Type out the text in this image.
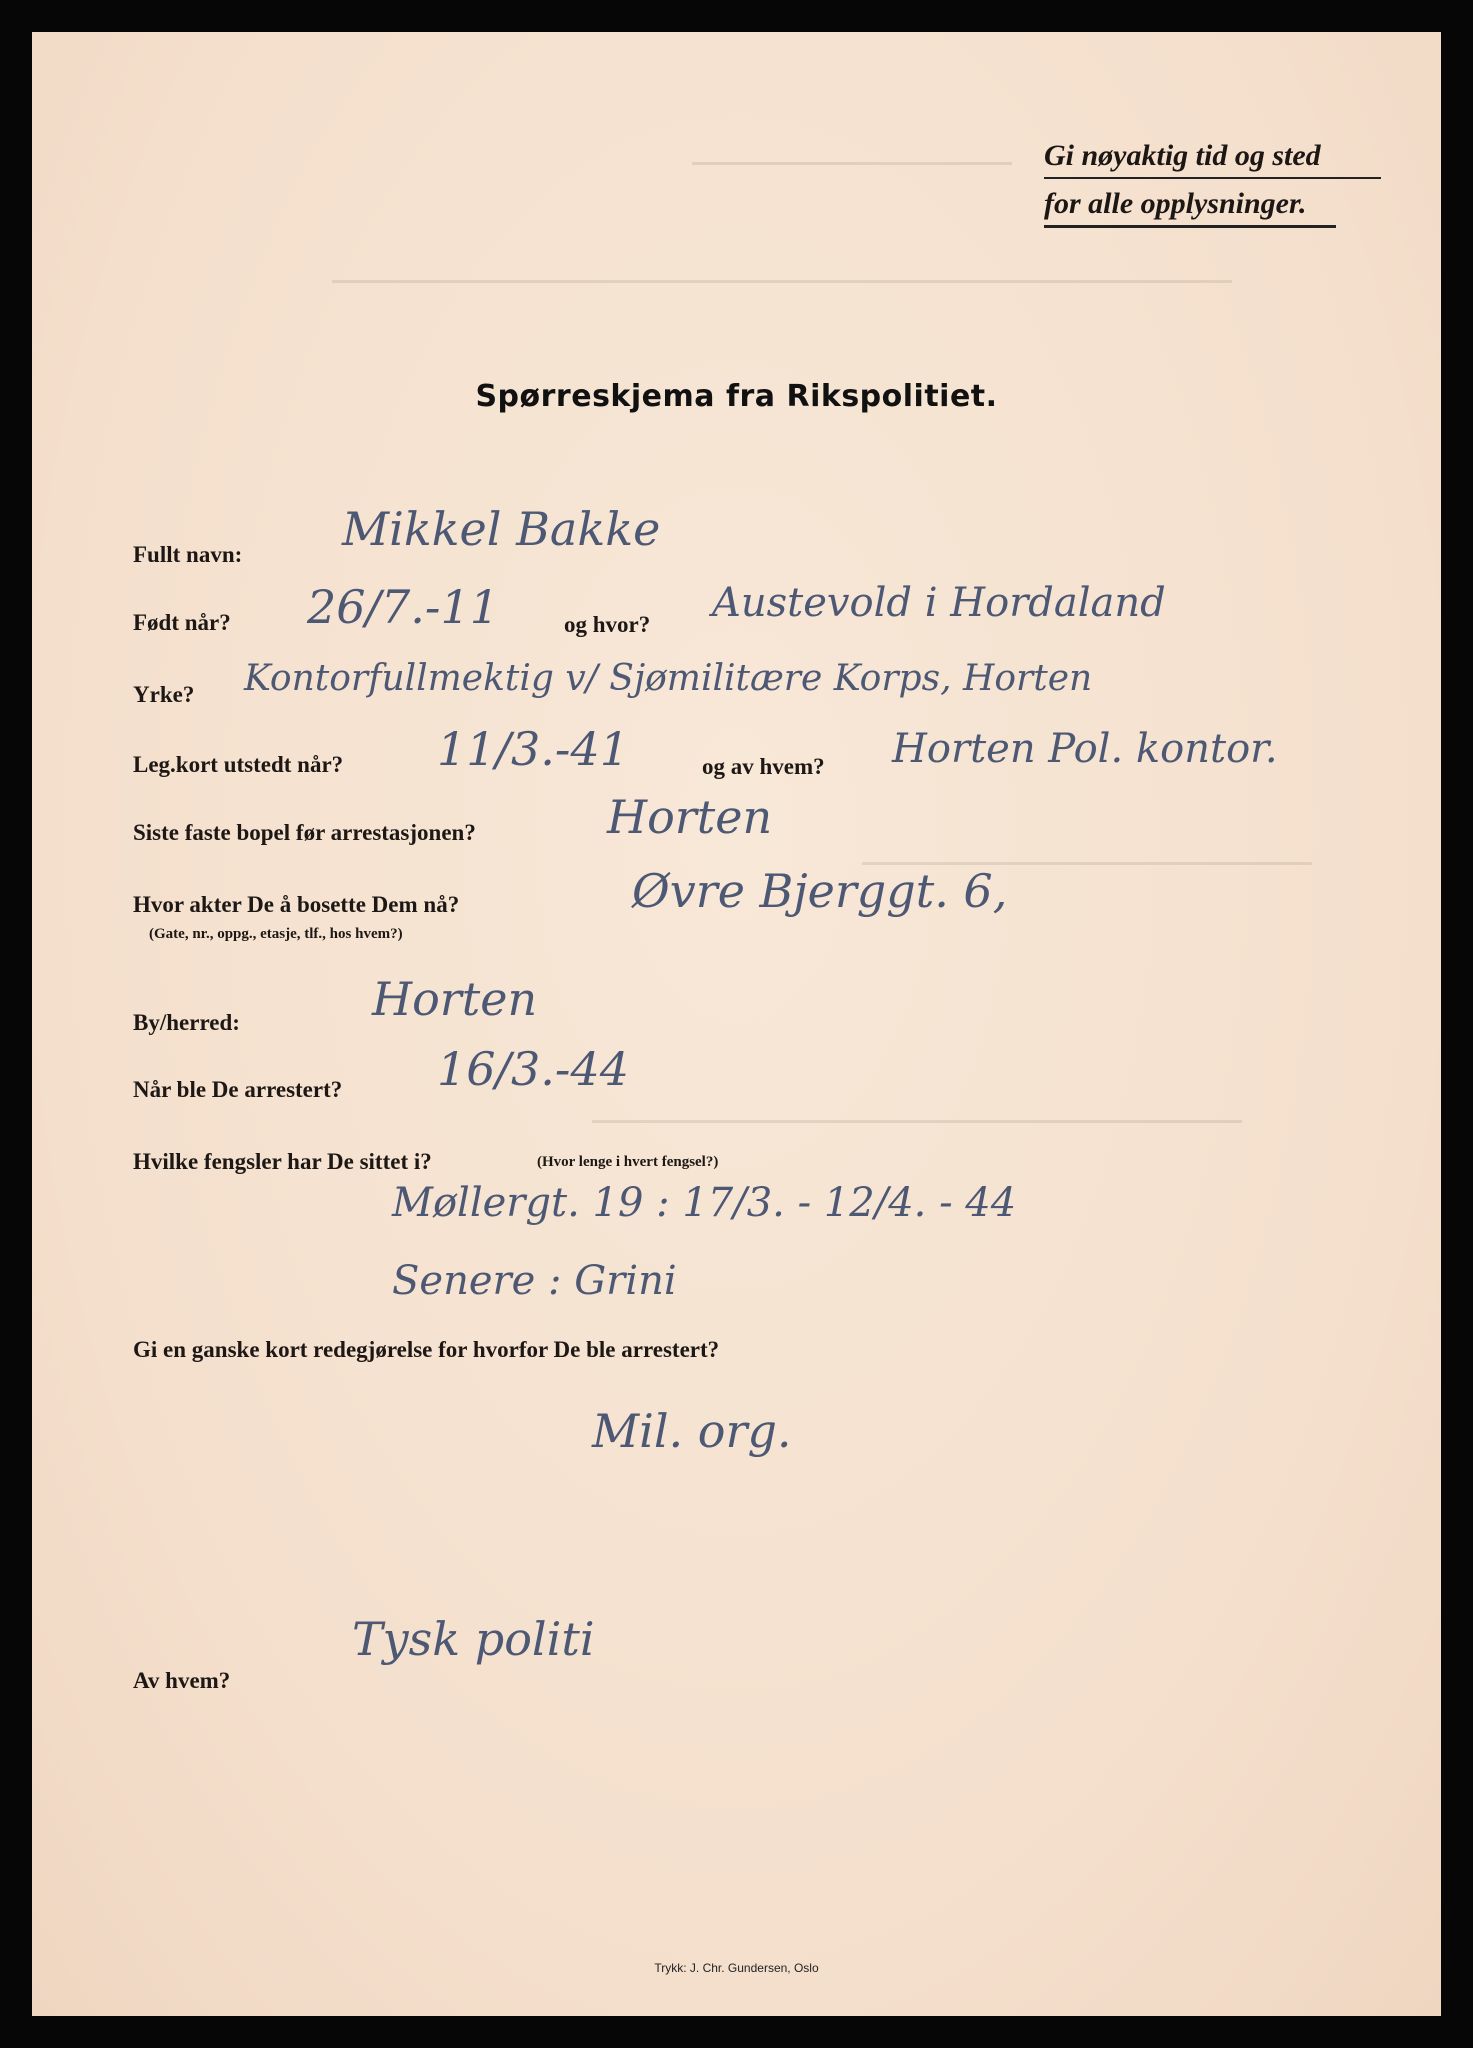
Gi nøyaktig tid og sted
for alle opplysninger.
Spørreskjema fra Rikspolitiet.
Fullt navn: Mikkel Bakke
Født når? 26/7.-11	og hvor? Austevold i Hordaland
Yrke? Kontorfullmektig v/ Sjømilitære Korps, Horten
Leg.kort utstedt når? 11/3.-41	og av hvem? Horten Pol. kontor.
Siste faste bopel før arrestasjonen?	Horten
Hvor akter De å bosette Dem nå?
(Gate, nr., oppg., etasje, tlf., hos hvem?)
Øvre Bjerggt. 6,
By/herred:	Horten
Når ble De arrestert? 16/3.-44
Hvilke fengsler har De sittet i?	(Hvor lenge i hvert fengsel?)
Møllergt. 19 : 17/3. - 12/4. - 44
Senere : Grini
Gi en ganske kort redegjørelse for hvorfor De ble arrestert?
Mil. org.
Av hvem?
Tysk politi
Trykk: J. Chr. Gundersen, Oslo
